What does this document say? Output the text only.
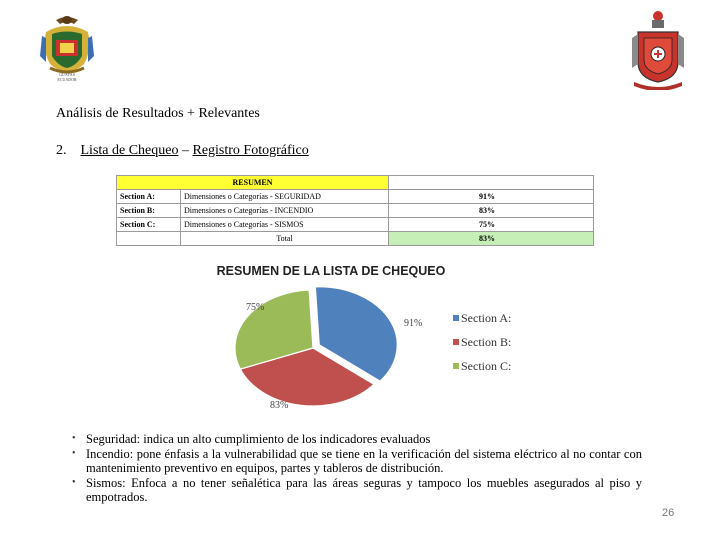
GUAYAS
ECUADOR
Análisis de Resultados + Relevantes
2. Lista de Chequeo – Registro Fotográfico
RESUMEN		
Section A:	Dimensiones o Categorías - SEGURIDAD	91%
Section B:	Dimensiones o Categorías - INCENDIO	83%
Section C:	Dimensiones o Categorías - SISMOS	75%
	Total	83%
RESUMEN DE LA LISTA DE CHEQUEO
91%
83%
75%
Section A:
Section B:
Section C:
• Seguridad: indica un alto cumplimiento de los indicadores evaluados
• Incendio: pone énfasis a la vulnerabilidad que se tiene en la verificación del sistema eléctrico al no contar con mantenimiento preventivo en equipos, partes y tableros de distribución.
• Sismos: Enfoca a no tener señalética para las áreas seguras y tampoco los muebles asegurados al piso y empotrados.
26
